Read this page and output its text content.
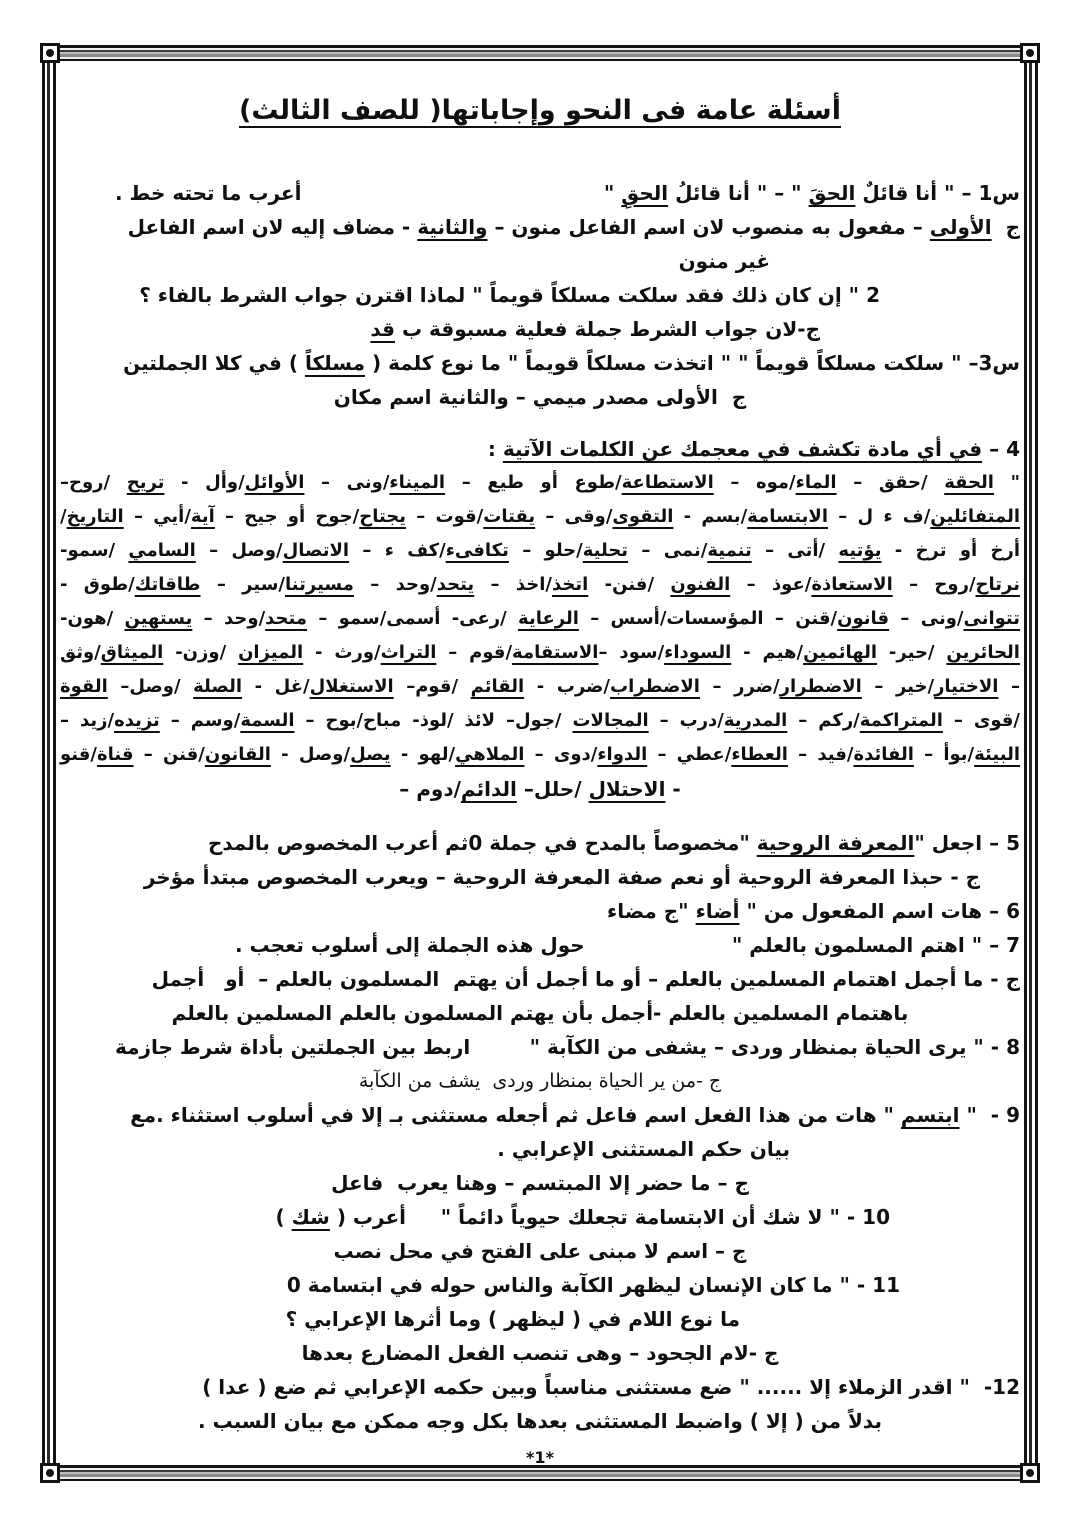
أسئلة عامة فى النحو وإجاباتها( للصف الثالث)
س1 – " أنا قائلٌ الحقَ " – " أنا قائلُ الحقِ "
أعرب ما تحته خط .
ج  الأولى – مفعول به منصوب لان اسم الفاعل منون – والثانية - مضاف إليه لان اسم الفاعل
غير منون
2 " إن كان ذلك فقد سلكت مسلكاً قويماً " لماذا اقترن جواب الشرط بالفاء ؟
ج-لان جواب الشرط جملة فعلية مسبوقة ب قد
س3– " سلكت مسلكاً قويماً " " اتخذت مسلكاً قويماً " ما نوع كلمة ( مسلكاً ) في كلا الجملتين
ج  الأولى مصدر ميمي – والثانية اسم مكان
4 – في أي مادة تكشف في معجمك عن الكلمات الآتية :
" الحقة /حقق – الماء/موه – الاستطاعة/طوع أو طيع – الميناء/ونى – الأوائل/وأل - تريح /روح–
المتفائلين/ف ء ل – الابتسامة/بسم - التقوى/وقى – يقتات/قوت – يجتاح/جوح أو جيح – آية/أيي – التاريخ/
أرخ أو ترخ - يؤتيه /أتى – تنمية/نمى – تحلية/حلو – تكافىء/كف ء – الاتصال/وصل – السامي /سمو-
نرتاح/روح – الاستعاذة/عوذ – الفنون /فنن- اتخذ/اخذ – يتحد/وحد – مسيرتنا/سير – طاقاتك/طوق -
تتوانى/ونى – قانون/قنن – المؤسسات/أسس – الرعاية /رعى- أسمى/سمو – متحد/وحد – يستهين /هون-
الحائرين /حير- الهائمين/هيم - السوداء/سود –الاستقامة/قوم – التراث/ورث - الميزان /وزن- الميثاق/وثق
– الاختيار/خير – الاضطرار/ضرر – الاضطراب/ضرب - القائم /قوم– الاستغلال/غل - الصلة /وصل– القوة
/قوى – المتراكمة/ركم – المدرية/درب – المجالات /جول– لائذ /لوذ- مباح/بوح – السمة/وسم – تزيده/زيد –
البيئة/بوأ – الفائدة/فيد – العطاء/عطي – الدواء/دوى – الملاهي/لهو - يصل/وصل - القانون/قنن – قناة/قنو
- الاحتلال /حلل– الدائم/دوم –
5 – اجعل "المعرفة الروحية "مخصوصاً بالمدح في جملة 0ثم أعرب المخصوص بالمدح
ج - حبذا المعرفة الروحية أو نعم صفة المعرفة الروحية – ويعرب المخصوص مبتدأ مؤخر
6 – هات اسم المفعول من " أضاء "ج مضاء
7 – " اهتم المسلمون بالعلم "
حول هذه الجملة إلى أسلوب تعجب .
ج - ما أجمل اهتمام المسلمين بالعلم – أو ما أجمل أن يهتم  المسلمون بالعلم –  أو   أجمل
باهتمام المسلمين بالعلم -أجمل بأن يهتم المسلمون بالعلم المسلمين بالعلم
8 - " يرى الحياة بمنظار وردى – يشفى من الكآبة "
اربط بين الجملتين بأداة شرط جازمة
ج -من ير الحياة بمنظار وردى  يشف من الكآبة
9 -  " ابتسم " هات من هذا الفعل اسم فاعل ثم أجعله مستثنى بـ إلا في أسلوب استثناء .مع
بيان حكم المستثنى الإعرابي .
ج – ما حضر إلا المبتسم – وهنا يعرب  فاعل
10 - " لا شك أن الابتسامة تجعلك حيوياً دائماً "     أعرب ( شك )
ج – اسم لا مبنى على الفتح في محل نصب
11 - " ما كان الإنسان ليظهر الكآبة والناس حوله في ابتسامة 0
ما نوع اللام في ( ليظهر ) وما أثرها الإعرابي ؟
ج -لام الجحود – وهى تنصب الفعل المضارع بعدها
12-  " اقدر الزملاء إلا ...... " ضع مستثنى مناسباً وبين حكمه الإعرابي ثم ضع ( عدا )
بدلاً من ( إلا ) واضبط المستثنى بعدها بكل وجه ممكن مع بيان السبب .
*1*
